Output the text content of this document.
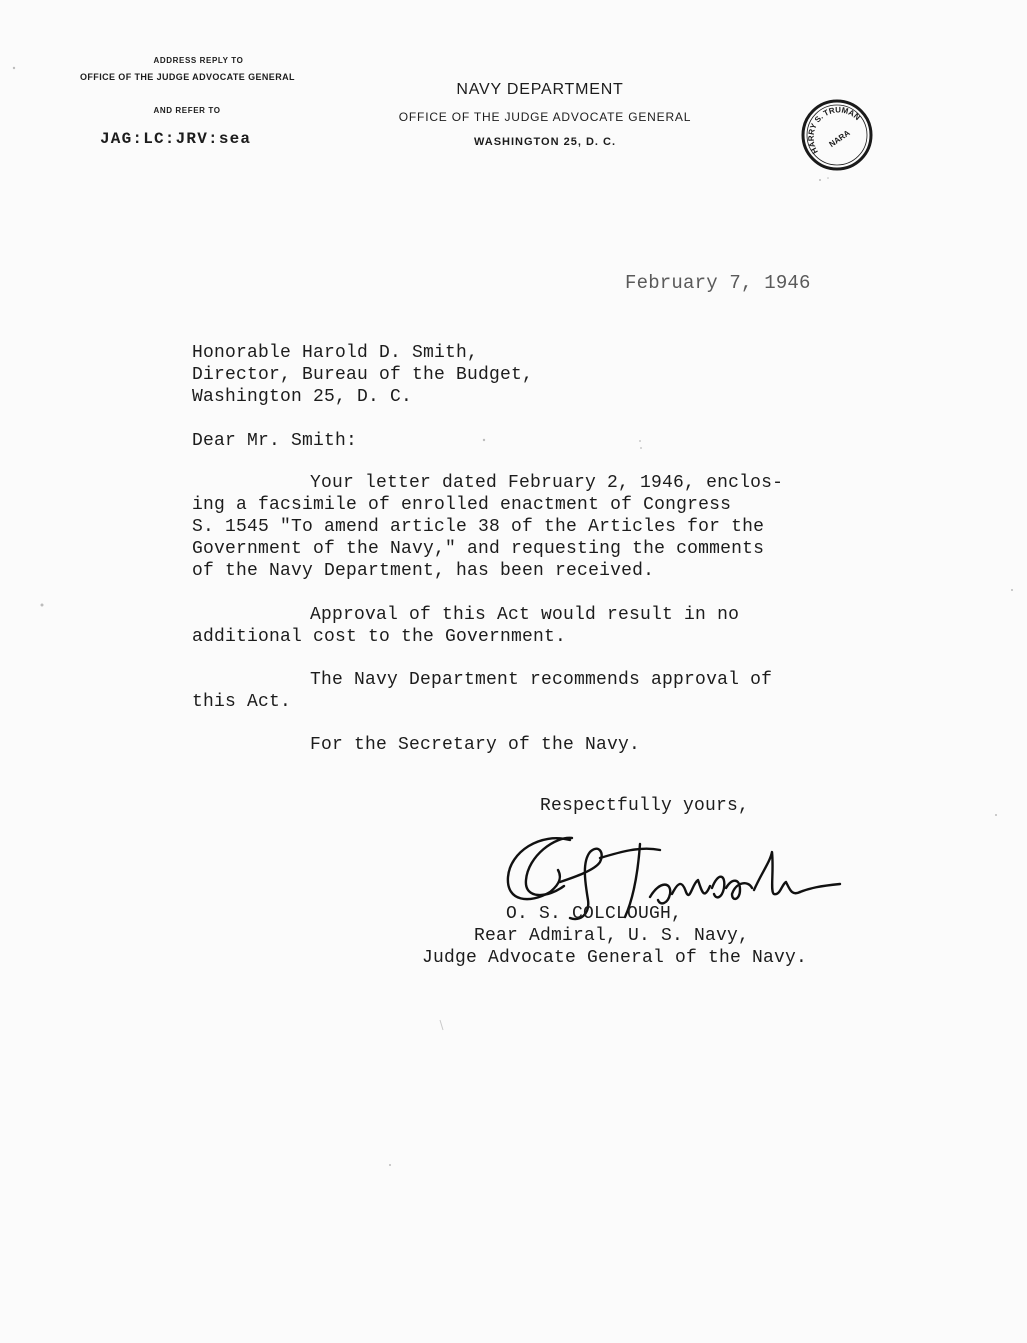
ADDRESS REPLY TO
OFFICE OF THE JUDGE ADVOCATE GENERAL
AND REFER TO
JAG:LC:JRV:sea
NAVY DEPARTMENT
OFFICE OF THE JUDGE ADVOCATE GENERAL
WASHINGTON 25, D. C.
HARRY S. TRUMAN
NARA
February 7, 1946
Honorable Harold D. Smith,
Director, Bureau of the Budget,
Washington 25, D. C.
Dear Mr. Smith:
Your letter dated February 2, 1946, enclos-
ing a facsimile of enrolled enactment of Congress
S. 1545 "To amend article 38 of the Articles for the
Government of the Navy," and requesting the comments
of the Navy Department, has been received.
Approval of this Act would result in no
additional cost to the Government.
The Navy Department recommends approval of
this Act.
For the Secretary of the Navy.
Respectfully yours,
O. S. COLCLOUGH,
Rear Admiral, U. S. Navy,
Judge Advocate General of the Navy.
